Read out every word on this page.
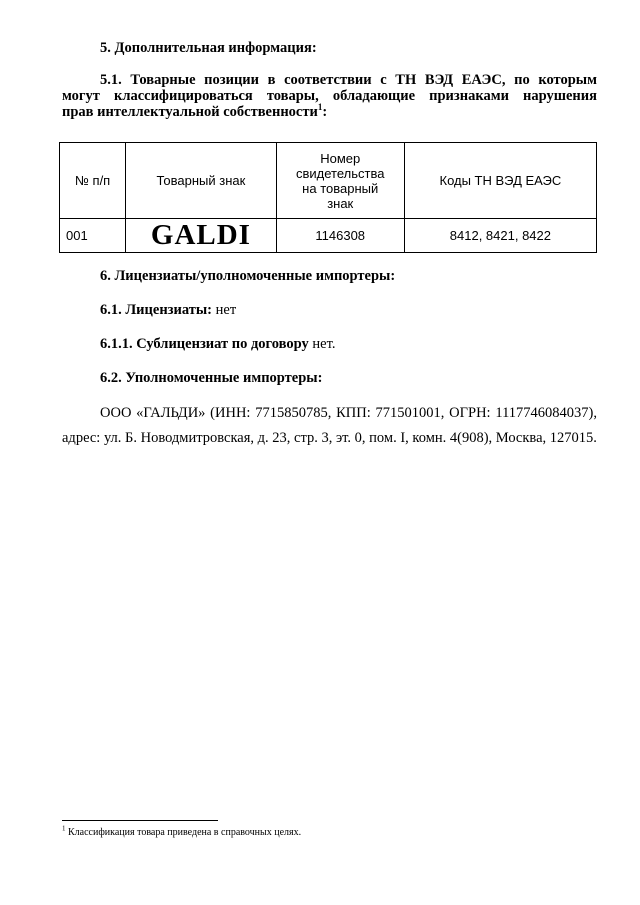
5. Дополнительная информация:

5.1. Товарные позиции в соответствии с ТН ВЭД ЕАЭС, по которым

могут классифицироваться товары, обладающие признаками нарушения

прав интеллектуальной собственности$^1$:

№ п/п	Товарный знак	Номер свидетельства на товарный знак	Коды ТН ВЭД ЕАЭС
001	GALDI	1146308	8412, 8421, 8422
6. Лицензиаты/уполномоченные импортеры:
6.1. Лицензиаты: нет
6.1.1. Сублицензиат по договору нет.
6.2. Уполномоченные импортеры:

ООО «ГАЛЬДИ» (ИНН: 7715850785, КПП: 771501001, ОГРН: 1117746084037), адрес: ул. Б. Новодмитровская, д. 23, стр. 3, эт. 0, пом. I, комн. 4(908), Москва, 127015.

$^1$ Классификация товара приведена в справочных целях.
